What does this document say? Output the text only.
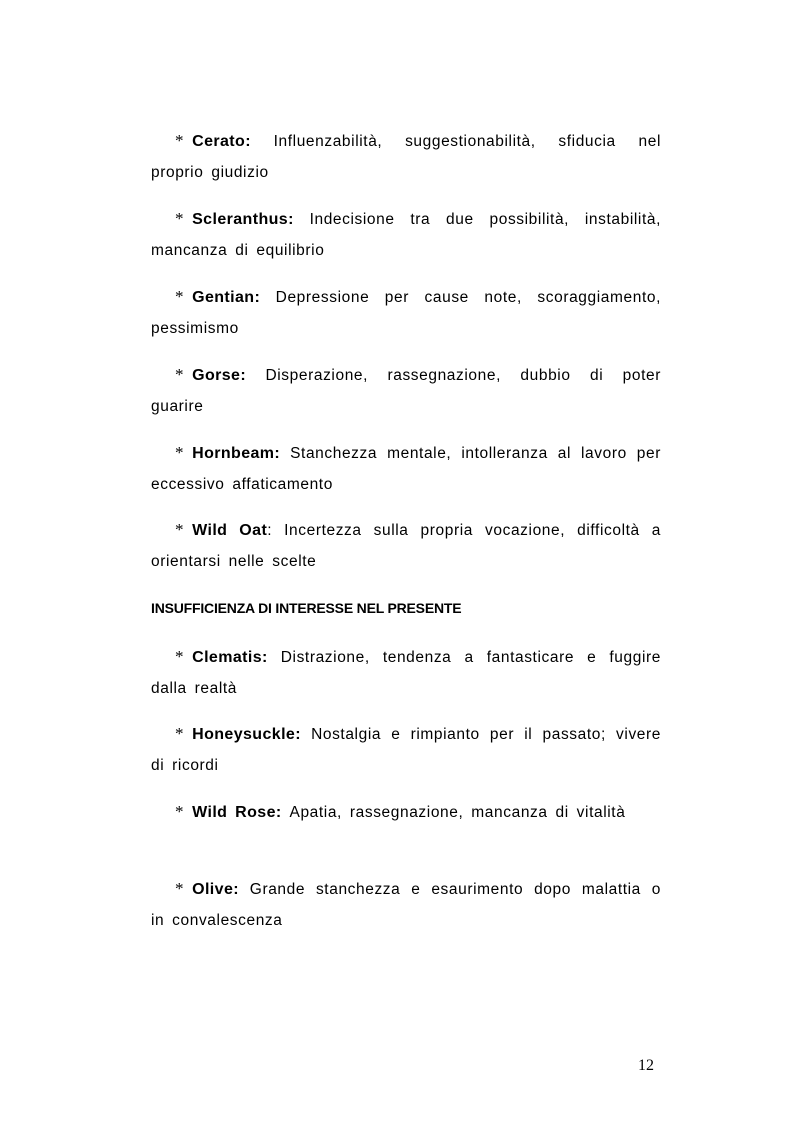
* Cerato: Influenzabilità, suggestionabilità, sfiducia nel proprio giudizio

* Scleranthus: Indecisione tra due possibilità, instabilità, mancanza di equilibrio

* Gentian: Depressione per cause note, scoraggiamento, pessimismo

* Gorse: Disperazione, rassegnazione, dubbio di poter guarire

* Hornbeam: Stanchezza mentale, intolleranza al lavoro per eccessivo affaticamento

* Wild Oat: Incertezza sulla propria vocazione, difficoltà a orientarsi nelle scelte

INSUFFICIENZA DI INTERESSE NEL PRESENTE

* Clematis: Distrazione, tendenza a fantasticare e fuggire dalla realtà

* Honeysuckle: Nostalgia e rimpianto per il passato; vivere di ricordi

* Wild Rose: Apatia, rassegnazione, mancanza di vitalità

* Olive: Grande stanchezza e esaurimento dopo malattia o in convalescenza

12
